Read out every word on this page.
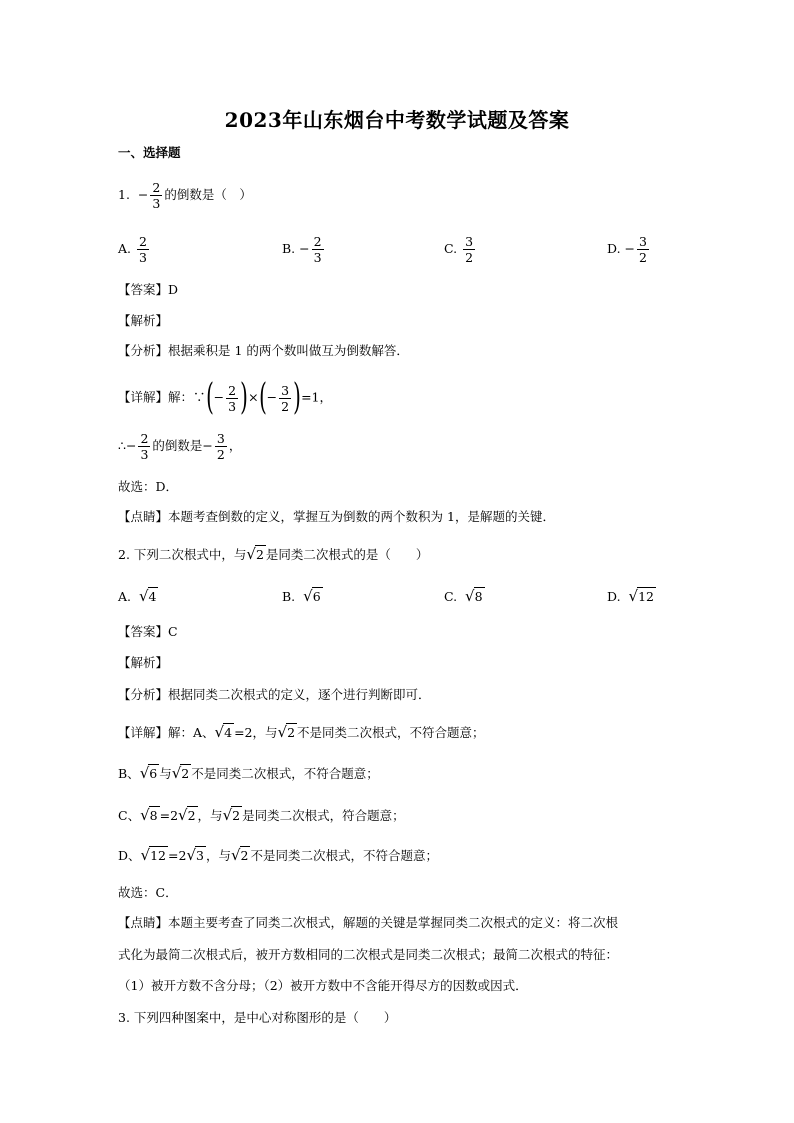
2023年山东烟台中考数学试题及答案
一、选择题
1. − $\frac{2}{3}$ 的倒数是（　）
A. $\frac{2}{3}$	B. − $\frac{2}{3}$	C. $\frac{3}{2}$	D. − $\frac{3}{2}$
【答案】D
【解析】
【分析】根据乘积是 1 的两个数叫做互为倒数解答．
【详解】解：∵(− $\frac{2}{3}$ )×(− $\frac{3}{2} )=1$，
∴− $\frac{2}{3}$ 的倒数是− $\frac{3}{2}$ ，
故选：D．
【点睛】本题考查倒数的定义，掌握互为倒数的两个数积为 1，是解题的关键．
2. 下列二次根式中，与√2 是同类二次根式的是（　　）
A. √4	B. √6	C. √8	D. √12
【答案】C
【解析】
【分析】根据同类二次根式的定义，逐个进行判断即可．
【详解】解：A、√4 =2，与√2 不是同类二次根式，不符合题意；
B、√6 与√2 不是同类二次根式，不符合题意；
C、√8 =2√2 ，与√2 是同类二次根式，符合题意；
D、√12 =2√3 ，与√2 不是同类二次根式，不符合题意；
故选：C．
【点睛】本题主要考查了同类二次根式，解题的关键是掌握同类二次根式的定义：将二次根
式化为最简二次根式后，被开方数相同的二次根式是同类二次根式；最简二次根式的特征：
（1）被开方数不含分母；（2）被开方数中不含能开得尽方的因数或因式．
3. 下列四种图案中，是中心对称图形的是（　　）
